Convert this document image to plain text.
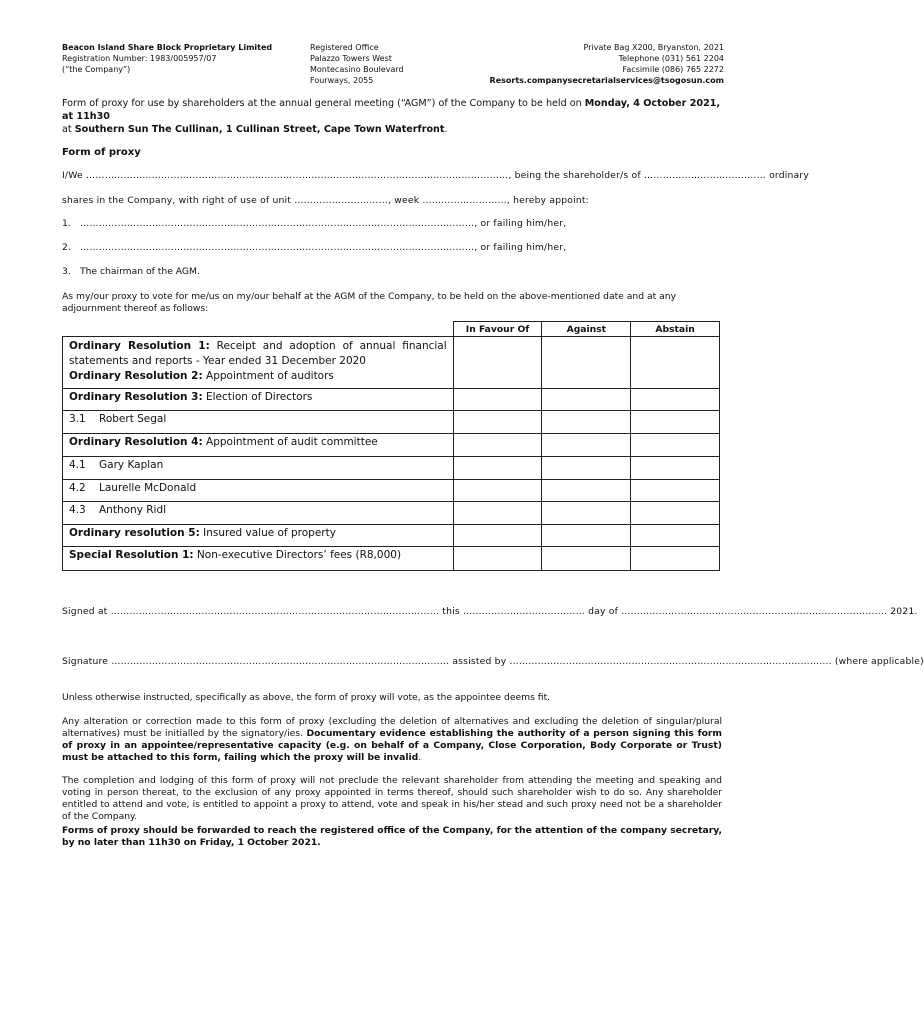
Beacon Island Share Block Proprietary Limited
Registration Number: 1983/005957/07
(“the Company”)
Registered Office
Palazzo Towers West
Montecasino Boulevard
Fourways, 2055
Private Bag X200, Bryanston, 2021
Telephone (031) 561 2204
Facsimile (086) 765 2272
Resorts.companysecretarialservices@tsogosun.com
Form of proxy for use by shareholders at the annual general meeting (“AGM”) of the Company to be held on Monday, 4 October 2021, at 11h30
at Southern Sun The Cullinan, 1 Cullinan Street, Cape Town Waterfront.
Form of proxy
I/We ………………………………………………………………………………………………………………………, being the shareholder/s of ………………………………… ordinary
shares in the Company, with right of use of unit …………………………, week ………………………, hereby appoint:
1. ………………………………………………………………………………………………………………, or failing him/her,
2. ………………………………………………………………………………………………………………, or failing him/her,
3. The chairman of the AGM.
As my/our proxy to vote for me/us on my/our behalf at the AGM of the Company, to be held on the above-mentioned date and at any adjournment thereof as follows:
	In Favour Of	Against	Abstain

Ordinary Resolution 1: Receipt and adoption of annual financial statements and reports - Year ended 31 December 2020
Ordinary Resolution 2: Appointment of auditors			

Ordinary Resolution 3: Election of Directors			
3.1 Robert Segal			
Ordinary Resolution 4: Appointment of audit committee			
4.1 Gary Kaplan			
4.2 Laurelle McDonald			
4.3 Anthony Ridl			
Ordinary resolution 5: Insured value of property			
Special Resolution 1: Non-executive Directors’ fees (R8,000)			
Signed at …………………………………………………………………………………………… this ………………………………… day of …………………………………………………………………………. 2021.
Signature ……………………………………………………………………………………………… assisted by …………………………………………………………………………………………. (where applicable)
Unless otherwise instructed, specifically as above, the form of proxy will vote, as the appointee deems fit.
Any alteration or correction made to this form of proxy (excluding the deletion of alternatives and excluding the deletion of singular/plural alternatives) must be initialled by the signatory/ies. Documentary evidence establishing the authority of a person signing this form of proxy in an appointee/representative capacity (e.g. on behalf of a Company, Close Corporation, Body Corporate or Trust) must be attached to this form, failing which the proxy will be invalid.
The completion and lodging of this form of proxy will not preclude the relevant shareholder from attending the meeting and speaking and voting in person thereat, to the exclusion of any proxy appointed in terms thereof, should such shareholder wish to do so. Any shareholder entitled to attend and vote, is entitled to appoint a proxy to attend, vote and speak in his/her stead and such proxy need not be a shareholder of the Company.
Forms of proxy should be forwarded to reach the registered office of the Company, for the attention of the company secretary, by no later than 11h30 on Friday, 1 October 2021.
